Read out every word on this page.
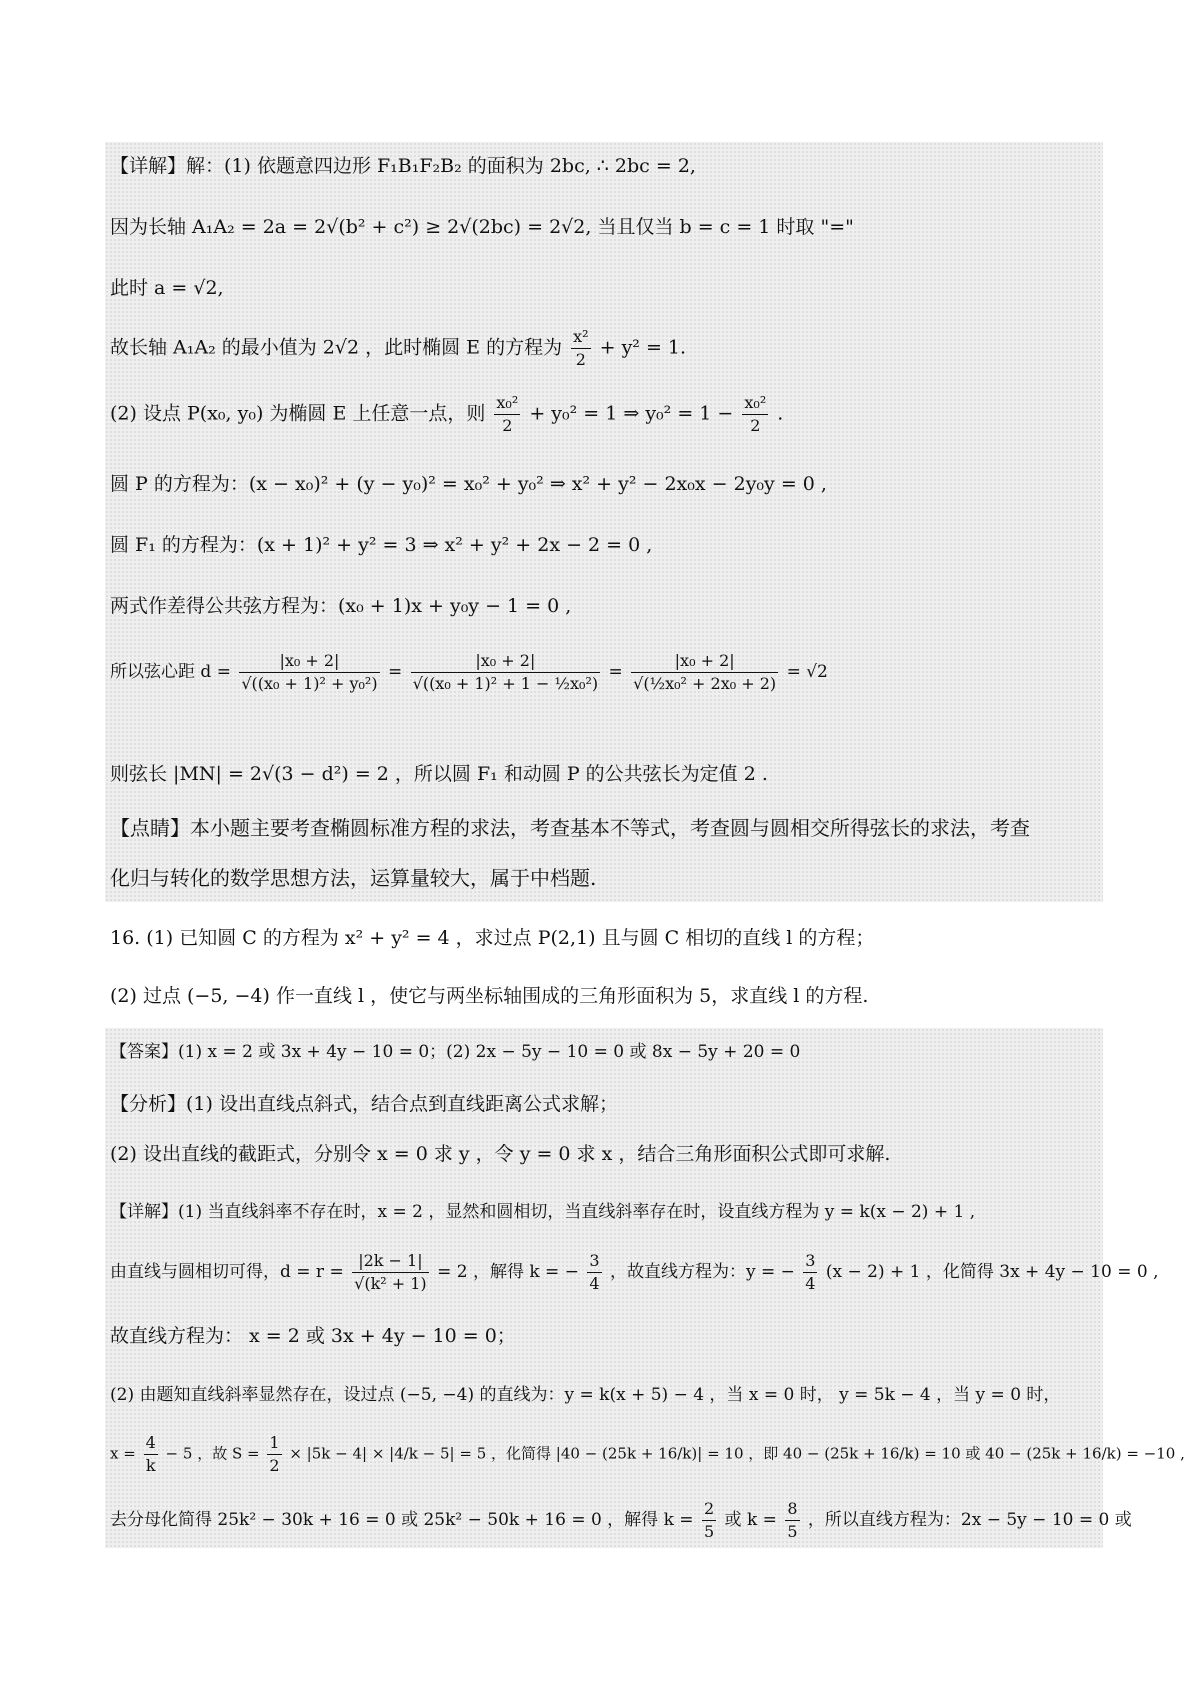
【详解】解：(1) 依题意四边形 F₁B₁F₂B₂ 的面积为 2bc, ∴ 2bc = 2,
因为长轴 A₁A₂ = 2a = 2√(b² + c²) ≥ 2√(2bc) = 2√2, 当且仅当 b = c = 1 时取 "="
此时 a = √2,
故长轴 A₁A₂ 的最小值为 2√2 ，此时椭圆 E 的方程为 $\frac{\text{x²}}{2} + y^2 = 1$.
(2) 设点 P(x₀, y₀) 为椭圆 E 上任意一点，则 $\frac{\text{x₀²}}{2} + y_0^2 = 1$ ⇒ $y_0^2 = 1 - \frac{\text{x₀²}}{2}$ .
圆 P 的方程为：(x − x₀)² + (y − y₀)² = x₀² + y₀² ⇒ x² + y² − 2x₀x − 2y₀y = 0 ,
圆 F₁ 的方程为：(x + 1)² + y² = 3 ⇒ x² + y² + 2x − 2 = 0 ,
两式作差得公共弦方程为：(x₀ + 1)x + y₀y − 1 = 0 ,
所以弦心距 $d = \frac{\text{|x₀ + 2|}}{\text{√((x₀ + 1)² + y₀²)}} = \frac{\text{|x₀ + 2|}}{\text{√((x₀ + 1)² + 1 − ½x₀²)}} = \frac{\text{|x₀ + 2|}}{\text{√(½x₀² + 2x₀ + 2)}} = √2$
则弦长 |MN| = 2√(3 − d²) = 2 ，所以圆 F₁ 和动圆 P 的公共弦长为定值 2 .
【点睛】本小题主要考查椭圆标准方程的求法，考查基本不等式，考查圆与圆相交所得弦长的求法，考查
化归与转化的数学思想方法，运算量较大，属于中档题.
16. (1) 已知圆 C 的方程为 x² + y² = 4 ，求过点 P(2,1) 且与圆 C 相切的直线 l 的方程；
(2) 过点 (−5, −4) 作一直线 l ，使它与两坐标轴围成的三角形面积为 5，求直线 l 的方程.
【答案】(1) x = 2 或 3x + 4y − 10 = 0；(2) 2x − 5y − 10 = 0 或 8x − 5y + 20 = 0
【分析】(1) 设出直线点斜式，结合点到直线距离公式求解；
(2) 设出直线的截距式，分别令 x = 0 求 y ，令 y = 0 求 x ，结合三角形面积公式即可求解.
【详解】(1) 当直线斜率不存在时，x = 2 ，显然和圆相切，当直线斜率存在时，设直线方程为 y = k(x − 2) + 1 ,
由直线与圆相切可得，$d = r = \frac{|2k - 1|}{\text{√(k² + 1)}} = 2$ ，解得 k = − $\frac{3}{4}$ ，故直线方程为：y = − $\frac{3}{4} (x - 2) + 1$ ，化简得 3x + 4y − 10 = 0 ,
故直线方程为： x = 2 或 3x + 4y − 10 = 0；
(2) 由题知直线斜率显然存在，设过点 (−5, −4) 的直线为：y = k(x + 5) − 4 ，当 x = 0 时， y = 5k − 4 ，当 y = 0 时，
$x = \frac{4}{k} - 5$ ，故 $S = \frac{1}{2} \times |5k - 4| \times |4/k - 5| = 5$ ，化简得 |40 − (25k + 16/k)| = 10 ，即 40 − (25k + 16/k) = 10 或 40 − (25k + 16/k) = −10 ,
去分母化简得 25k² − 30k + 16 = 0 或 25k² − 50k + 16 = 0 ，解得 $k = \frac{2}{5}$ 或 $k = \frac{8}{5}$ ，所以直线方程为：2x − 5y − 10 = 0 或
